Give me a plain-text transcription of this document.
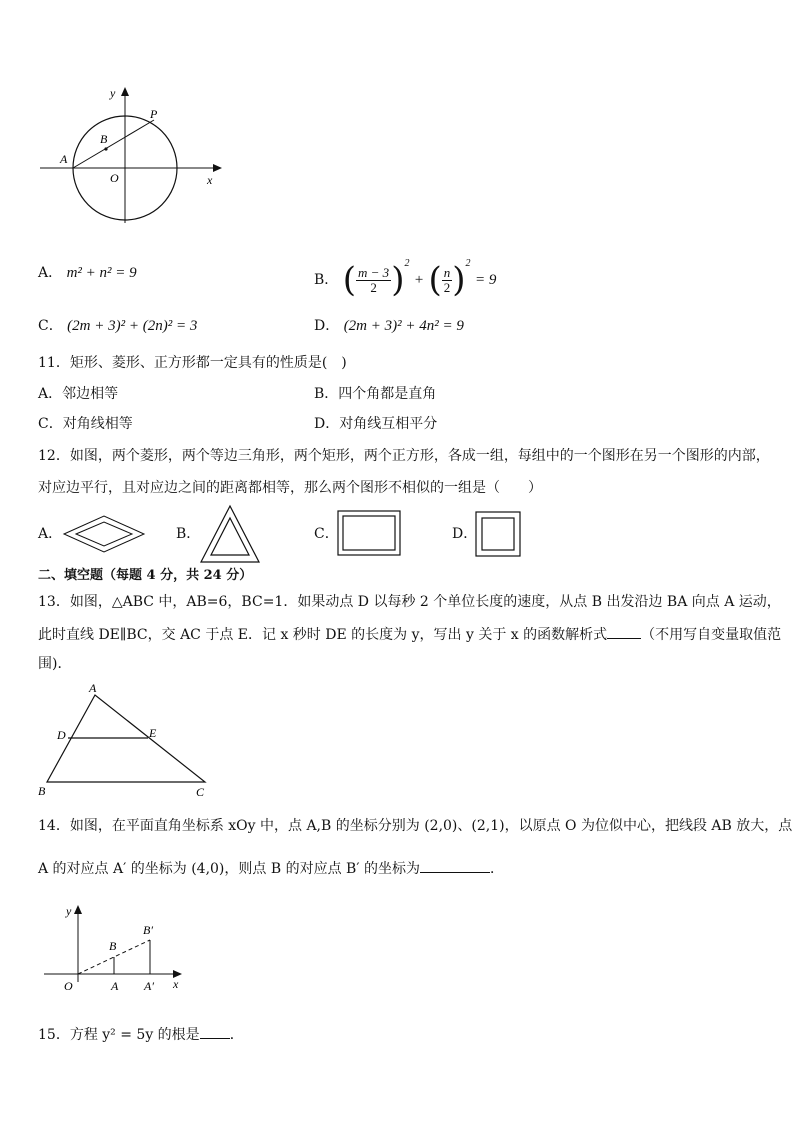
y
x
O
A
B
P
A． m² + n² = 9	B． ( $\frac{m - 3}{2} )^2$ + ( $\frac{n}{2} )^2 = 9$
C． (2m + 3)² + (2n)² = 3	D． (2m + 3)² + 4n² = 9
11．矩形、菱形、正方形都一定具有的性质是(　)
A．邻边相等	B．四个角都是直角
C．对角线相等	D．对角线互相平分
12．如图，两个菱形，两个等边三角形，两个矩形，两个正方形，各成一组，每组中的一个图形在另一个图形的内部，
对应边平行，且对应边之间的距离都相等，那么两个图形不相似的一组是（　　）
A．	B．	C．	D．
二、填空题（每题 4 分，共 24 分）
13．如图，△ABC 中，AB=6，BC=1．如果动点 D 以每秒 2 个单位长度的速度，从点 B 出发沿边 BA 向点 A 运动，
此时直线 DE∥BC，交 AC 于点 E．记 x 秒时 DE 的长度为 y，写出 y 关于 x 的函数解析式 （不用写自变量取值范
围)．
A
D	E
B	C
14．如图，在平面直角坐标系 xOy 中，点 A,B 的坐标分别为 (2,0)、(2,1)，以原点 O 为位似中心，把线段 AB 放大，点
A 的对应点 A′ 的坐标为 (4,0)，则点 B 的对应点 B′ 的坐标为	．
y
x
O	A A′
B
B′
15．方程 y² = 5y 的根是 ．
